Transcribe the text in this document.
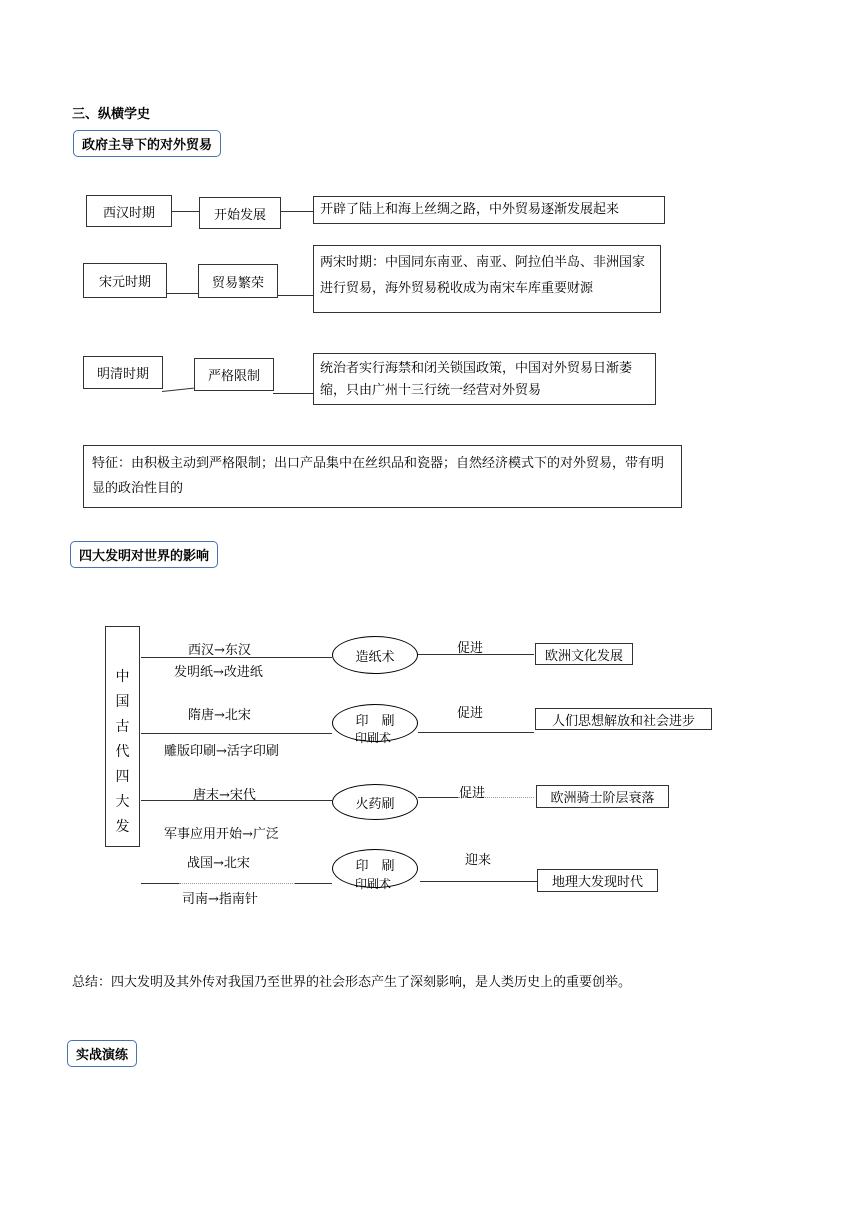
三、纵横学史
政府主导下的对外贸易
西汉时期	开始发展	开辟了陆上和海上丝绸之路，中外贸易逐渐发展起来
宋元时期	贸易繁荣
两宋时期：中国同东南亚、南亚、阿拉伯半岛、非洲国家进行贸易，海外贸易税收成为南宋车库重要财源
明清时期	严格限制
统治者实行海禁和闭关锁国政策，中国对外贸易日渐萎缩，只由广州十三行统一经营对外贸易
特征：由积极主动到严格限制；出口产品集中在丝织品和瓷器；自然经济模式下的对外贸易，带有明显的政治性目的
四大发明对世界的影响
中
国
古
代
四
大
发
西汉→东汉
发明纸→改进纸
造纸术
促进	欧洲文化发展
隋唐→北宋
雕版印刷→活字印刷
印　刷
印刷术
促进	人们思想解放和社会进步
唐末→宋代
军事应用开始→广泛
火药刷
促进	欧洲骑士阶层衰落
战国→北宋
司南→指南针
印　刷
印刷术
迎来
地理大发现时代
总结：四大发明及其外传对我国乃至世界的社会形态产生了深刻影响，是人类历史上的重要创举。
实战演练
